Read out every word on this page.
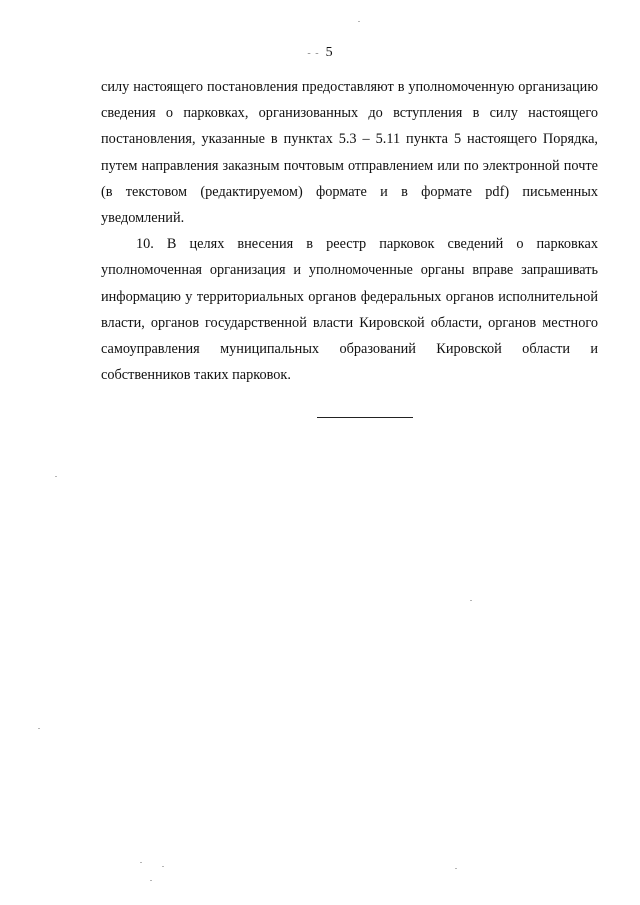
- - 5

силу настоящего постановления предоставляют в уполномоченную организацию сведения о парковках, организованных до вступления в силу настоящего постановления, указанные в пунктах 5.3 – 5.11 пункта 5 настоящего Порядка, путем направления заказным почтовым отправлением или по электронной почте (в текстовом (редактируемом) формате и в формате pdf) письменных уведомлений.

10. В целях внесения в реестр парковок сведений о парковках уполномоченная организация и уполномоченные органы вправе запрашивать информацию у территориальных органов федеральных органов исполнительной власти, органов государственной власти Кировской области, органов местного самоуправления муниципальных образований Кировской области и собственников таких парковок.
